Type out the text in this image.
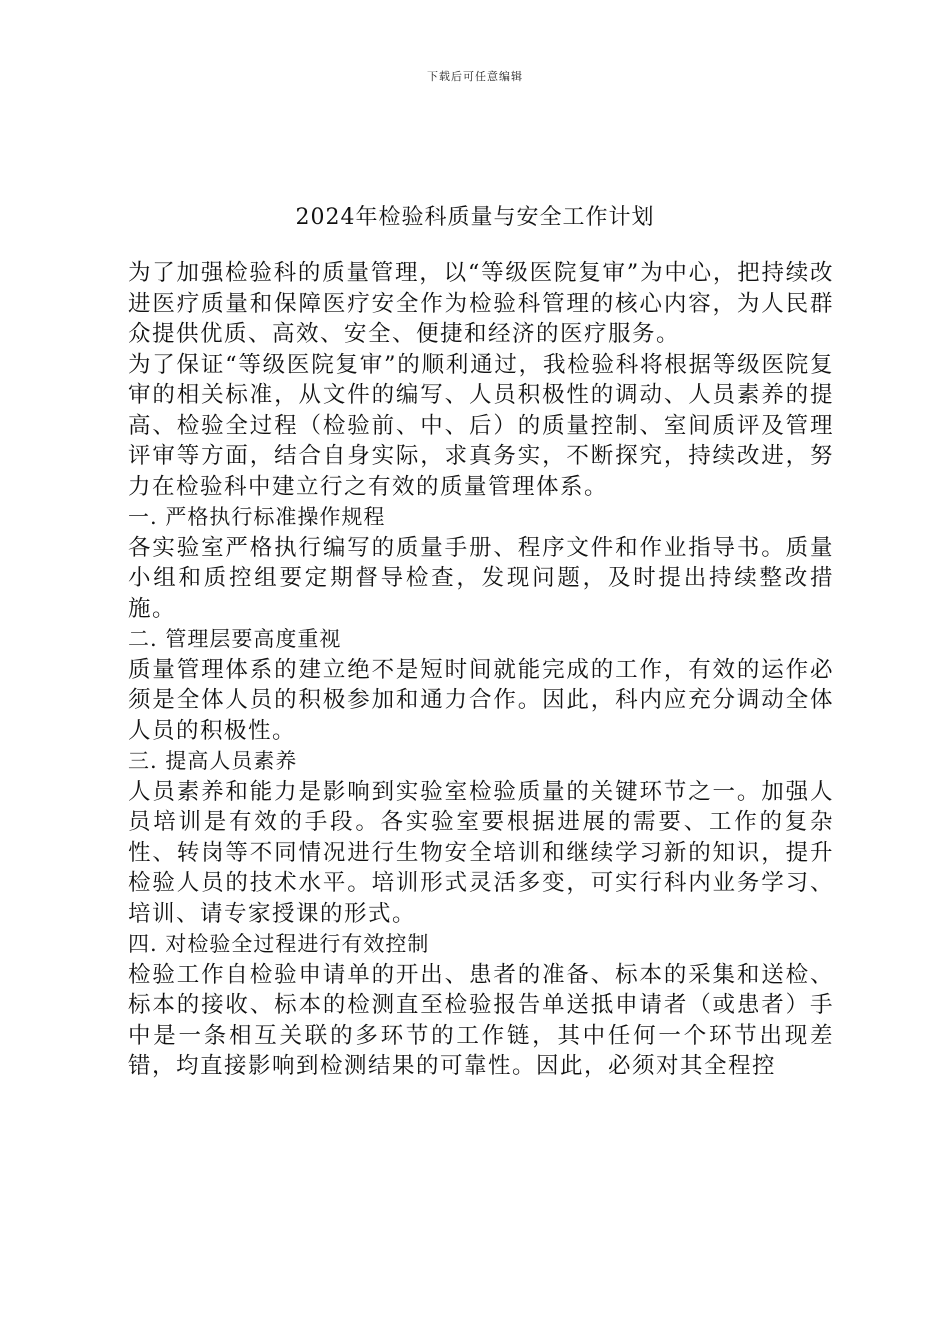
下载后可任意编辑
2024年检验科质量与安全工作计划

为了加强检验科的质量管理，以“等级医院复审”为中心，把持续改进医疗质量和保障医疗安全作为检验科管理的核心内容，为人民群众提供优质、高效、安全、便捷和经济的医疗服务。

为了保证“等级医院复审”的顺利通过，我检验科将根据等级医院复审的相关标准，从文件的编写、人员积极性的调动、人员素养的提高、检验全过程（检验前、中、后）的质量控制、室间质评及管理评审等方面，结合自身实际，求真务实，不断探究，持续改进，努力在检验科中建立行之有效的质量管理体系。

一. 严格执行标准操作规程

各实验室严格执行编写的质量手册、程序文件和作业指导书。质量小组和质控组要定期督导检查，发现问题，及时提出持续整改措施。

二. 管理层要高度重视

质量管理体系的建立绝不是短时间就能完成的工作，有效的运作必须是全体人员的积极参加和通力合作。因此，科内应充分调动全体人员的积极性。

三. 提高人员素养

人员素养和能力是影响到实验室检验质量的关键环节之一。加强人员培训是有效的手段。各实验室要根据进展的需要、工作的复杂性、转岗等不同情况进行生物安全培训和继续学习新的知识，提升检验人员的技术水平。培训形式灵活多变，可实行科内业务学习、培训、请专家授课的形式。

四. 对检验全过程进行有效控制

检验工作自检验申请单的开出、患者的准备、标本的采集和送检、标本的接收、标本的检测直至检验报告单送抵申请者（或患者）手中是一条相互关联的多环节的工作链，其中任何一个环节出现差错，均直接影响到检测结果的可靠性。因此，必须对其全程控
